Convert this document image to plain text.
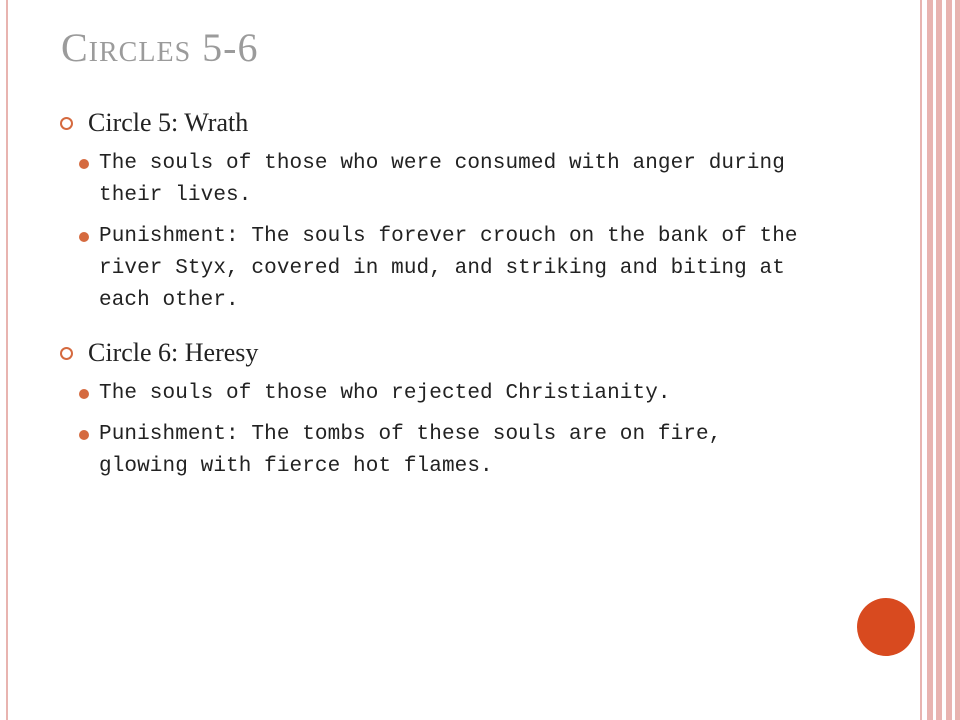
Circles 5-6
Circle 5: Wrath
The souls of those who were consumed with anger during their lives.
Punishment: The souls forever crouch on the bank of the river Styx, covered in mud, and striking and biting at each other.
Circle 6: Heresy
The souls of those who rejected Christianity.
Punishment: The tombs of these souls are on fire, glowing with fierce hot flames.
